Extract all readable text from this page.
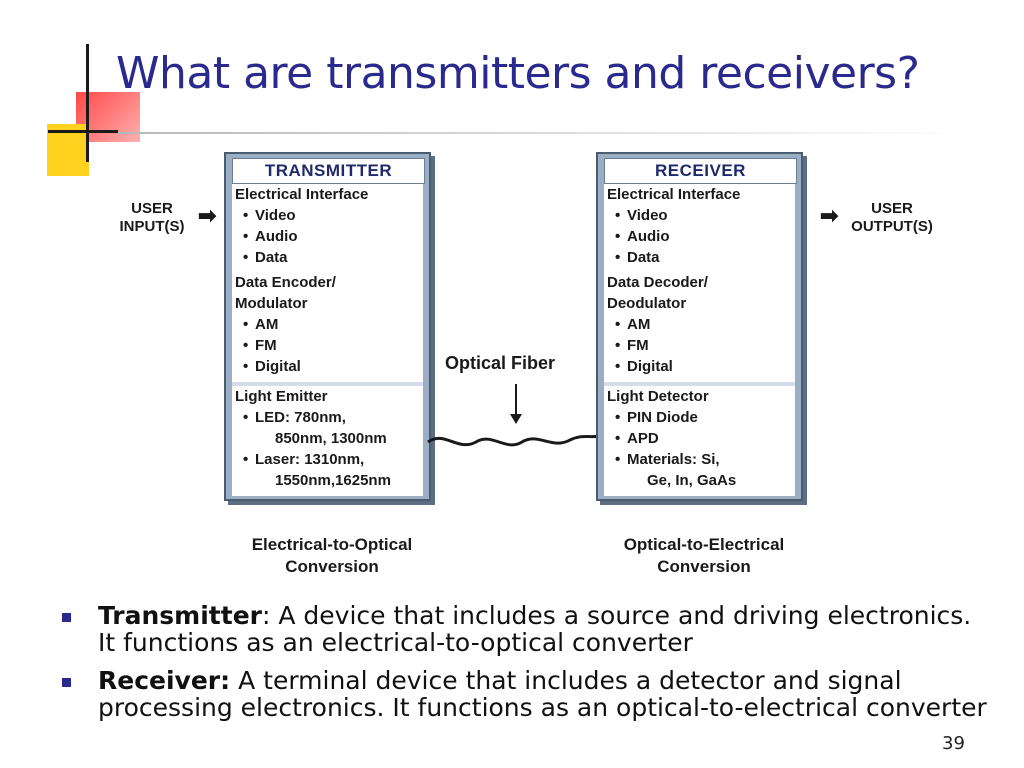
What are transmitters and receivers?
USER
INPUT(S) ➡
TRANSMITTER
Electrical Interface
• Video
• Audio
• Data
Data Encoder/
Modulator
• AM
• FM
• Digital
Light Emitter
• LED: 780nm,
850nm, 1300nm
• Laser: 1310nm,
1550nm,1625nm
Optical Fiber
RECEIVER
Electrical Interface
• Video
• Audio
• Data
Data Decoder/
Deodulator
• AM
• FM
• Digital
Light Detector
• PIN Diode
• APD
• Materials: Si,
Ge, In, GaAs
➡	USER
OUTPUT(S)
Electrical-to-Optical
Conversion
Optical-to-Electrical
Conversion
Transmitter: A device that includes a source and driving electronics. It functions as an electrical-to-optical converter
Receiver: A terminal device that includes a detector and signal processing electronics. It functions as an optical-to-electrical converter
39
